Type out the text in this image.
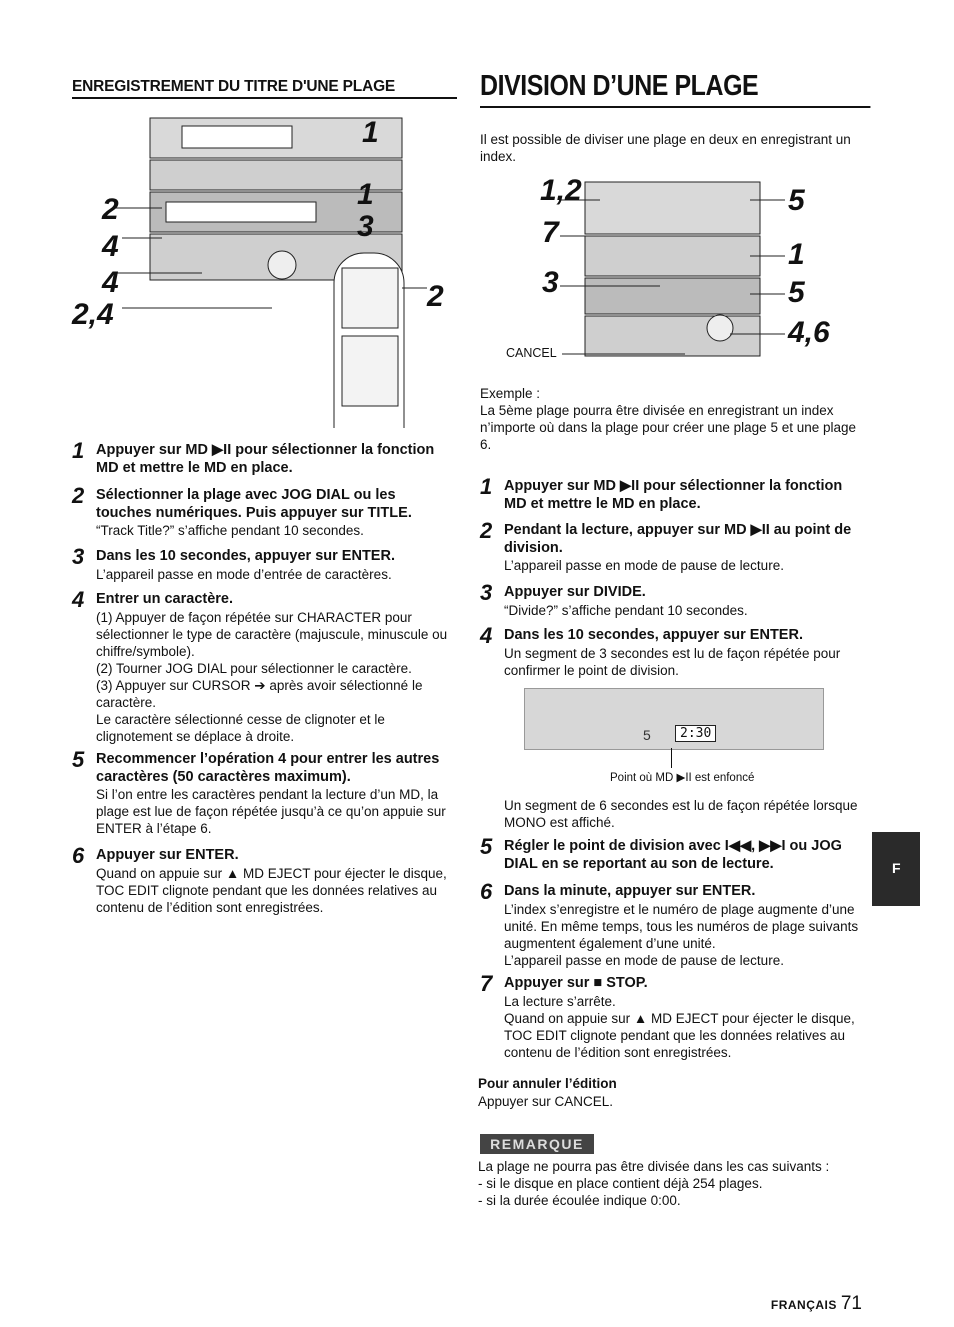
ENREGISTREMENT DU TITRE D'UNE PLAGE
1
2	1
3
4
4
2,4
2
1 Appuyer sur MD ▶II pour sélectionner la fonction MD et mettre le MD en place.
2 Sélectionner la plage avec JOG DIAL ou les touches numériques. Puis appuyer sur TITLE.
“Track Title?” s’affiche pendant 10 secondes.
3 Dans les 10 secondes, appuyer sur ENTER.
L’appareil passe en mode d’entrée de caractères.
4 Entrer un caractère.
(1) Appuyer de façon répétée sur CHARACTER pour sélectionner le type de caractère (majuscule, minuscule ou chiffre/symbole).
(2) Tourner JOG DIAL pour sélectionner le caractère.
(3) Appuyer sur CURSOR ➔ après avoir sélectionné le caractère.
Le caractère sélectionné cesse de clignoter et le clignotement se déplace à droite.
5 Recommencer l’opération 4 pour entrer les autres caractères (50 caractères maximum).
Si l’on entre les caractères pendant la lecture d’un MD, la plage est lue de façon répétée jusqu’à ce qu’on appuie sur ENTER à l’étape 6.
6 Appuyer sur ENTER.
Quand on appuie sur ▲ MD EJECT pour éjecter le disque, TOC EDIT clignote pendant que les données relatives au contenu de l’édition sont enregistrées.
DIVISION D’UNE PLAGE
Il est possible de diviser une plage en deux en enregistrant un index.
1,2
7
3
5
1
5
4,6
CANCEL
Exemple :
La 5ème plage pourra être divisée en enregistrant un index n’importe où dans la plage pour créer une plage 5 et une plage 6.
1 Appuyer sur MD ▶II pour sélectionner la fonction MD et mettre le MD en place.
2 Pendant la lecture, appuyer sur MD ▶II au point de division.
L’appareil passe en mode de pause de lecture.
3 Appuyer sur DIVIDE.
“Divide?” s’affiche pendant 10 secondes.
4 Dans les 10 secondes, appuyer sur ENTER.
Un segment de 3 secondes est lu de façon répétée pour confirmer le point de division.
2:30
5
Point où MD ▶II est enfoncé
Un segment de 6 secondes est lu de façon répétée lorsque MONO est affiché.
5 Régler le point de division avec I◀◀, ▶▶I ou JOG DIAL en se reportant au son de lecture.
6 Dans la minute, appuyer sur ENTER.
L’index s’enregistre et le numéro de plage augmente d’une unité. En même temps, tous les numéros de plage suivants augmentent également d’une unité.
L’appareil passe en mode de pause de lecture.
7 Appuyer sur ■ STOP.
La lecture s’arrête.
Quand on appuie sur ▲ MD EJECT pour éjecter le disque, TOC EDIT clignote pendant que les données relatives au contenu de l’édition sont enregistrées.
Pour annuler l’édition
Appuyer sur CANCEL.
REMARQUE
La plage ne pourra pas être divisée dans les cas suivants :
- si le disque en place contient déjà 254 plages.
- si la durée écoulée indique 0:00.
F
FRANÇAIS 71
